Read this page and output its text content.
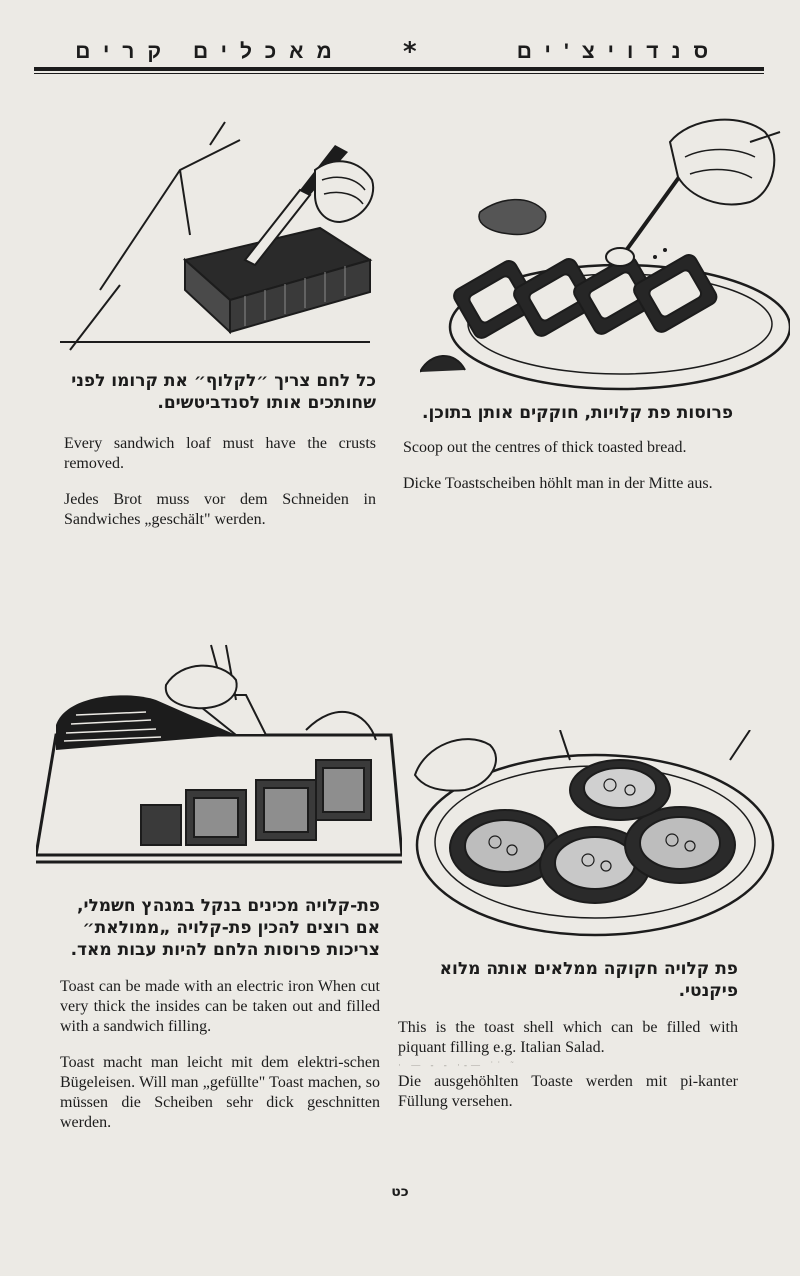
מאכלים קרים	*	סנדויצ'ים
כל לחם צריך ״לקלוף״ את קרומו לפני שחותכים אותו לסנדביטשים.
Every sandwich loaf must have the crusts removed.
Jedes Brot muss vor dem Schneiden in Sandwiches „geschält" werden.
פרוסות פת קלויות, חוקקים אותן בתוכן.
Scoop out the centres of thick toasted bread.
Dicke Toastscheiben höhlt man in der Mitte aus.
פת-קלויה מכינים בנקל במגהץ חשמלי, אם רוצים להכין פת-קלויה „ממולאת״ צריכות פרוסות הלחם להיות עבות מאד.
Toast can be made with an electric iron When cut very thick the insides can be taken out and filled with a sandwich filling.
Toast macht man leicht mit dem elektri-schen Bügeleisen. Will man „gefüllte" Toast machen, so müssen die Scheiben sehr dick geschnitten werden.
פת קלויה חקוקה ממלאים אותה מלוא פיקנטי.
This is the toast shell which can be filled with piquant filling e.g. Italian Salad.
· — - - ·-— ˙˙ ˜
Die ausgehöhlten Toaste werden mit pi-kanter Füllung versehen.
כט
